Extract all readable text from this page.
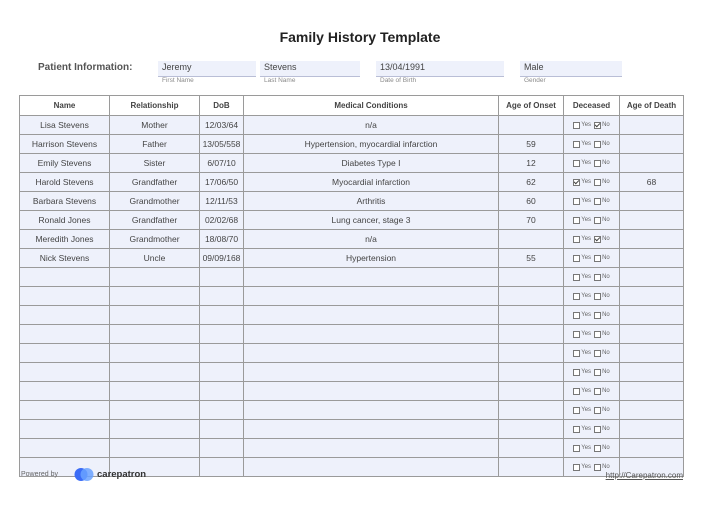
Family History Template
Patient Information:	Jeremy
First Name
Stevens
Last Name
13/04/1991
Date of Birth
Male
Gender
Name	Relationship	DoB	Medical Conditions	Age of Onset	Deceased	Age of Death
Lisa Stevens	Mother	12/03/64	n/a		Yes No	

Harrison Stevens	Father	13/05/558	Hypertension, myocardial infarction	59	Yes No	

Emily Stevens	Sister	6/07/10	Diabetes Type I	12	Yes No	

Harold Stevens	Grandfather	17/06/50	Myocardial infarction	62	Yes No	68
Barbara Stevens	Grandmother	12/11/53	Arthritis	60	Yes No	

Ronald Jones	Grandfather	02/02/68	Lung cancer, stage 3	70	Yes No	

Meredith Jones	Grandmother	18/08/70	n/a		Yes No	

Nick Stevens	Uncle	09/09/168	Hypertension	55	Yes No	

					Yes No	

					Yes No	

					Yes No	

					Yes No	

					Yes No	

					Yes No	

					Yes No	

					Yes No	

					Yes No	

					Yes No	

					Yes No	

Powered by	carepatron	http://Carepatron.com
